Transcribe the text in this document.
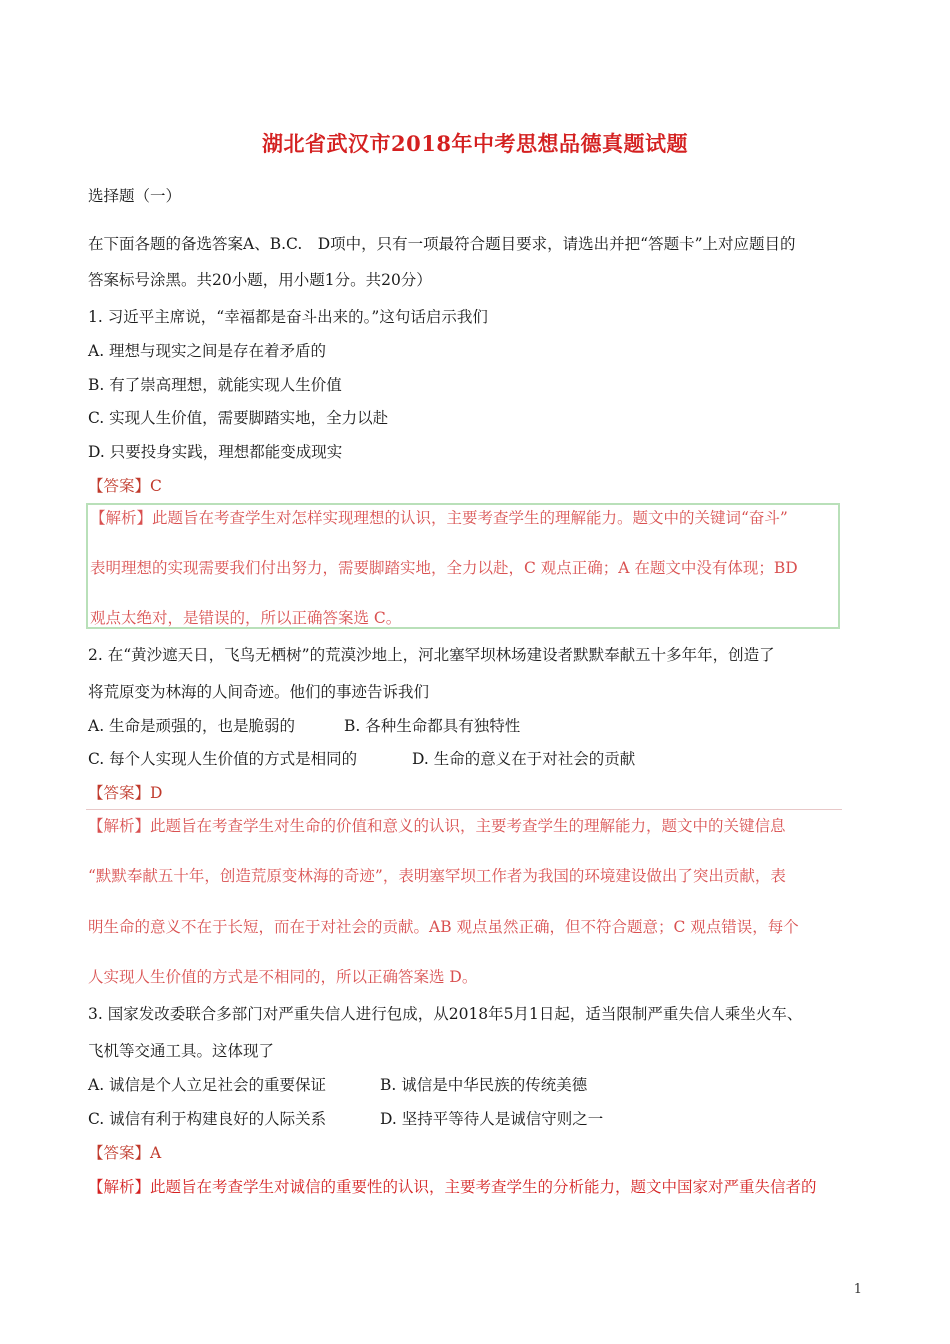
湖北省武汉市2018年中考思想品德真题试题
选择题（一）
在下面各题的备选答案A、B.C.　D项中，只有一项最符合题目要求，请选出并把“答题卡”上对应题目的
答案标号涂黑。共20小题，用小题1分。共20分）
1. 习近平主席说，“幸福都是奋斗出来的。”这句话启示我们
A. 理想与现实之间是存在着矛盾的
B. 有了崇高理想，就能实现人生价值
C. 实现人生价值，需要脚踏实地，全力以赴
D. 只要投身实践，理想都能变成现实
【答案】C
【解析】此题旨在考查学生对怎样实现理想的认识，主要考查学生的理解能力。题文中的关键词“奋斗”
表明理想的实现需要我们付出努力，需要脚踏实地，全力以赴，C 观点正确；A 在题文中没有体现；BD
观点太绝对，是错误的，所以正确答案选 C。
2. 在“黄沙遮天日，飞鸟无栖树”的荒漠沙地上，河北塞罕坝林场建设者默默奉献五十多年年，创造了
将荒原变为林海的人间奇迹。他们的事迹告诉我们
A. 生命是顽强的，也是脆弱的	B. 各种生命都具有独特性
C. 每个人实现人生价值的方式是相同的	D. 生命的意义在于对社会的贡献
【答案】D
【解析】此题旨在考查学生对生命的价值和意义的认识，主要考查学生的理解能力，题文中的关键信息
“默默奉献五十年，创造荒原变林海的奇迹”，表明塞罕坝工作者为我国的环境建设做出了突出贡献，表
明生命的意义不在于长短，而在于对社会的贡献。AB 观点虽然正确，但不符合题意；C 观点错误，每个
人实现人生价值的方式是不相同的，所以正确答案选 D。
3. 国家发改委联合多部门对严重失信人进行包成，从2018年5月1日起，适当限制严重失信人乘坐火车、
飞机等交通工具。这体现了
A. 诚信是个人立足社会的重要保证	B. 诚信是中华民族的传统美德
C. 诚信有利于构建良好的人际关系	D. 坚持平等待人是诚信守则之一
【答案】A
【解析】此题旨在考查学生对诚信的重要性的认识，主要考查学生的分析能力，题文中国家对严重失信者的
1
